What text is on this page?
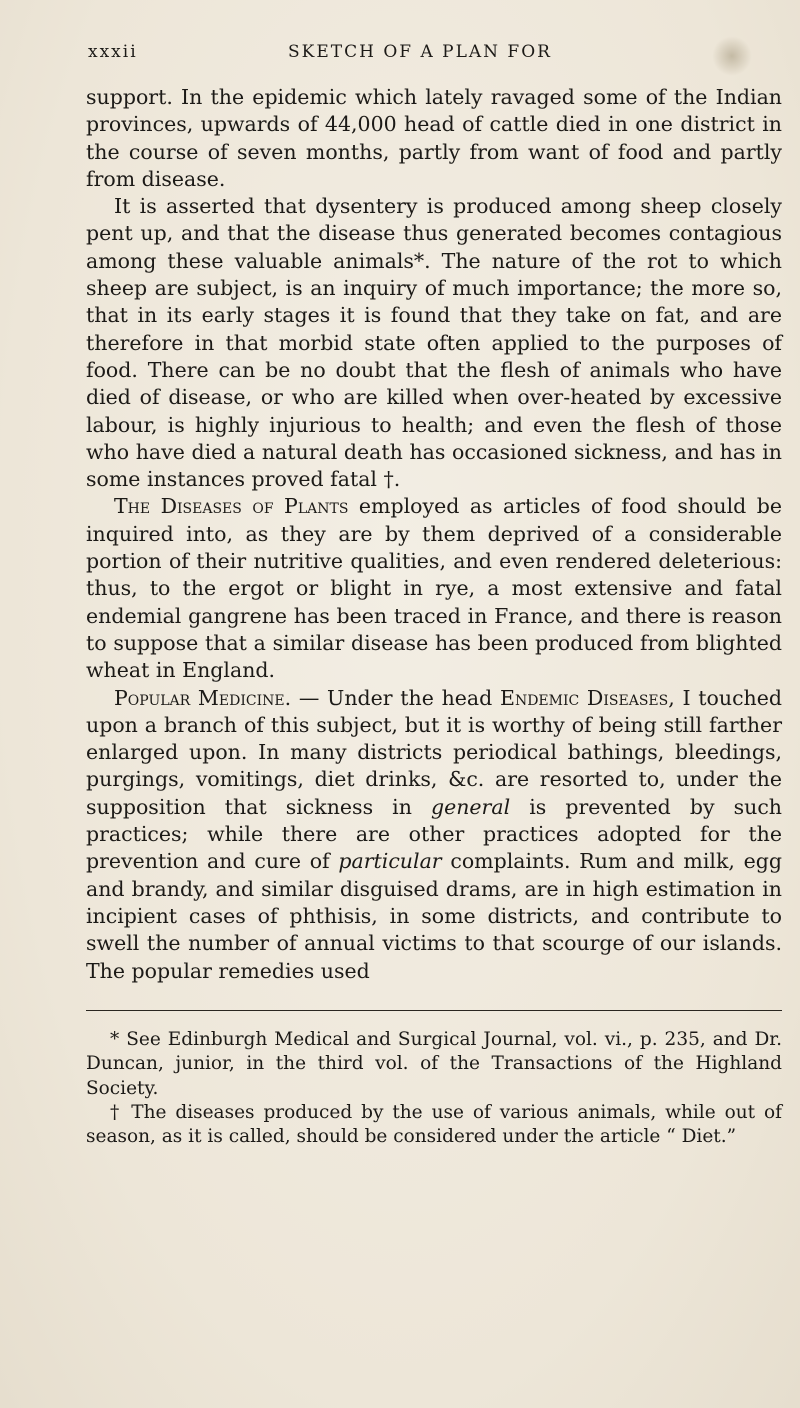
xxxii	SKETCH OF A PLAN FOR

support. In the epidemic which lately ravaged some of the Indian provinces, upwards of 44,000 head of cattle died in one district in the course of seven months, partly from want of food and partly from disease.

It is asserted that dysentery is produced among sheep closely pent up, and that the disease thus generated becomes contagious among these valuable animals*. The nature of the rot to which sheep are subject, is an inquiry of much importance; the more so, that in its early stages it is found that they take on fat, and are therefore in that morbid state often applied to the purposes of food. There can be no doubt that the flesh of animals who have died of disease, or who are killed when over-heated by excessive labour, is highly injurious to health; and even the flesh of those who have died a natural death has occasioned sickness, and has in some instances proved fatal †.

The Diseases of Plants employed as articles of food should be inquired into, as they are by them deprived of a considerable portion of their nutritive qualities, and even rendered deleterious: thus, to the ergot or blight in rye, a most extensive and fatal endemial gangrene has been traced in France, and there is reason to suppose that a similar disease has been produced from blighted wheat in England.

Popular Medicine. — Under the head Endemic Diseases, I touched upon a branch of this subject, but it is worthy of being still farther enlarged upon. In many districts periodical bathings, bleedings, purgings, vomitings, diet drinks, &c. are resorted to, under the supposition that sickness in general is prevented by such practices; while there are other practices adopted for the prevention and cure of particular complaints. Rum and milk, egg and brandy, and similar disguised drams, are in high estimation in incipient cases of phthisis, in some districts, and contribute to swell the number of annual victims to that scourge of our islands. The popular remedies used

* See Edinburgh Medical and Surgical Journal, vol. vi., p. 235, and Dr. Duncan, junior, in the third vol. of the Transactions of the Highland Society.

† The diseases produced by the use of various animals, while out of season, as it is called, should be considered under the article “ Diet.”
